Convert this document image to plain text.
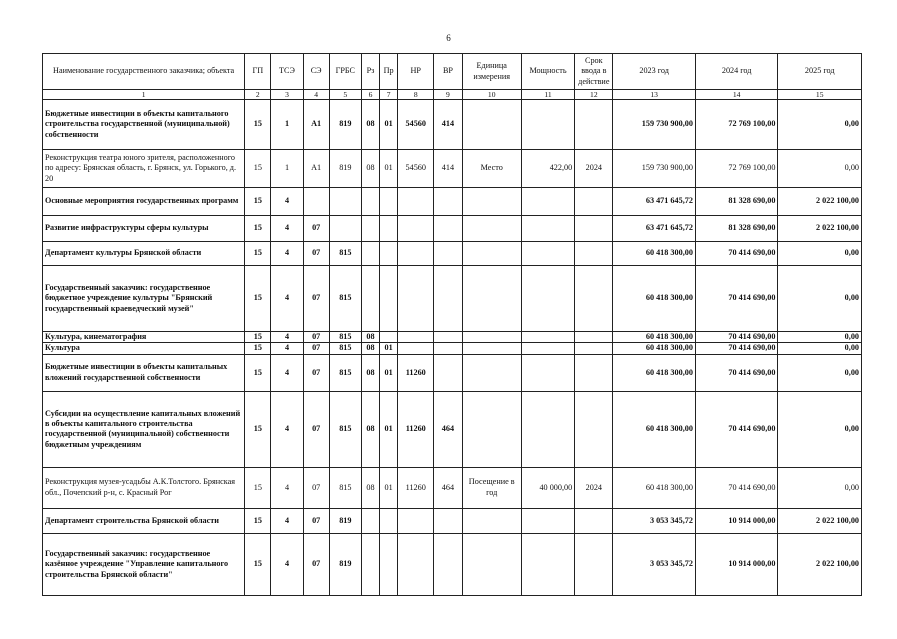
6
Наименование государственного заказчика; объекта	ГП	ТСЭ	СЭ	ГРБС	Рз	Пр	НР	ВР	Единица измерения	Мощность	Срок ввода в действие	2023 год	2024 год	2025 год
1	2	3	4	5	6	7	8	9	10	11	12	13	14	15
Бюджетные инвестиции в объекты капитального строительства государственной (муниципальной) собственности	15	1	А1	819	08	01	54560	414				159 730 900,00	72 769 100,00	0,00
Реконструкция театра юного зрителя, расположенного по адресу: Брянская область, г. Брянск, ул. Горького, д. 20	15	1	А1	819	08	01	54560	414	Место	422,00	2024	159 730 900,00	72 769 100,00	0,00
Основные мероприятия государственных программ	15	4										63 471 645,72	81 328 690,00	2 022 100,00
Развитие инфраструктуры сферы культуры	15	4	07									63 471 645,72	81 328 690,00	2 022 100,00
Департамент культуры Брянской области	15	4	07	815								60 418 300,00	70 414 690,00	0,00
Государственный заказчик: государственное бюджетное учреждение культуры "Брянский государственный краеведческий музей"	15	4	07	815								60 418 300,00	70 414 690,00	0,00
Культура, кинематография	15	4	07	815	08							60 418 300,00	70 414 690,00	0,00
Культура	15	4	07	815	08	01						60 418 300,00	70 414 690,00	0,00
Бюджетные инвестиции в объекты капитальных вложений государственной собственности	15	4	07	815	08	01	11260					60 418 300,00	70 414 690,00	0,00
Субсидии на осуществление капитальных вложений в объекты капитального строительства государственной (муниципальной) собственности бюджетным учреждениям	15	4	07	815	08	01	11260	464				60 418 300,00	70 414 690,00	0,00
Реконструкция музея-усадьбы А.К.Толстого. Брянская обл., Почепский р-н, с. Красный Рог	15	4	07	815	08	01	11260	464	Посещение в год	40 000,00	2024	60 418 300,00	70 414 690,00	0,00
Департамент строительства Брянской области	15	4	07	819								3 053 345,72	10 914 000,00	2 022 100,00
Государственный заказчик: государственное казённое учреждение "Управление капитального строительства Брянской области"	15	4	07	819								3 053 345,72	10 914 000,00	2 022 100,00
